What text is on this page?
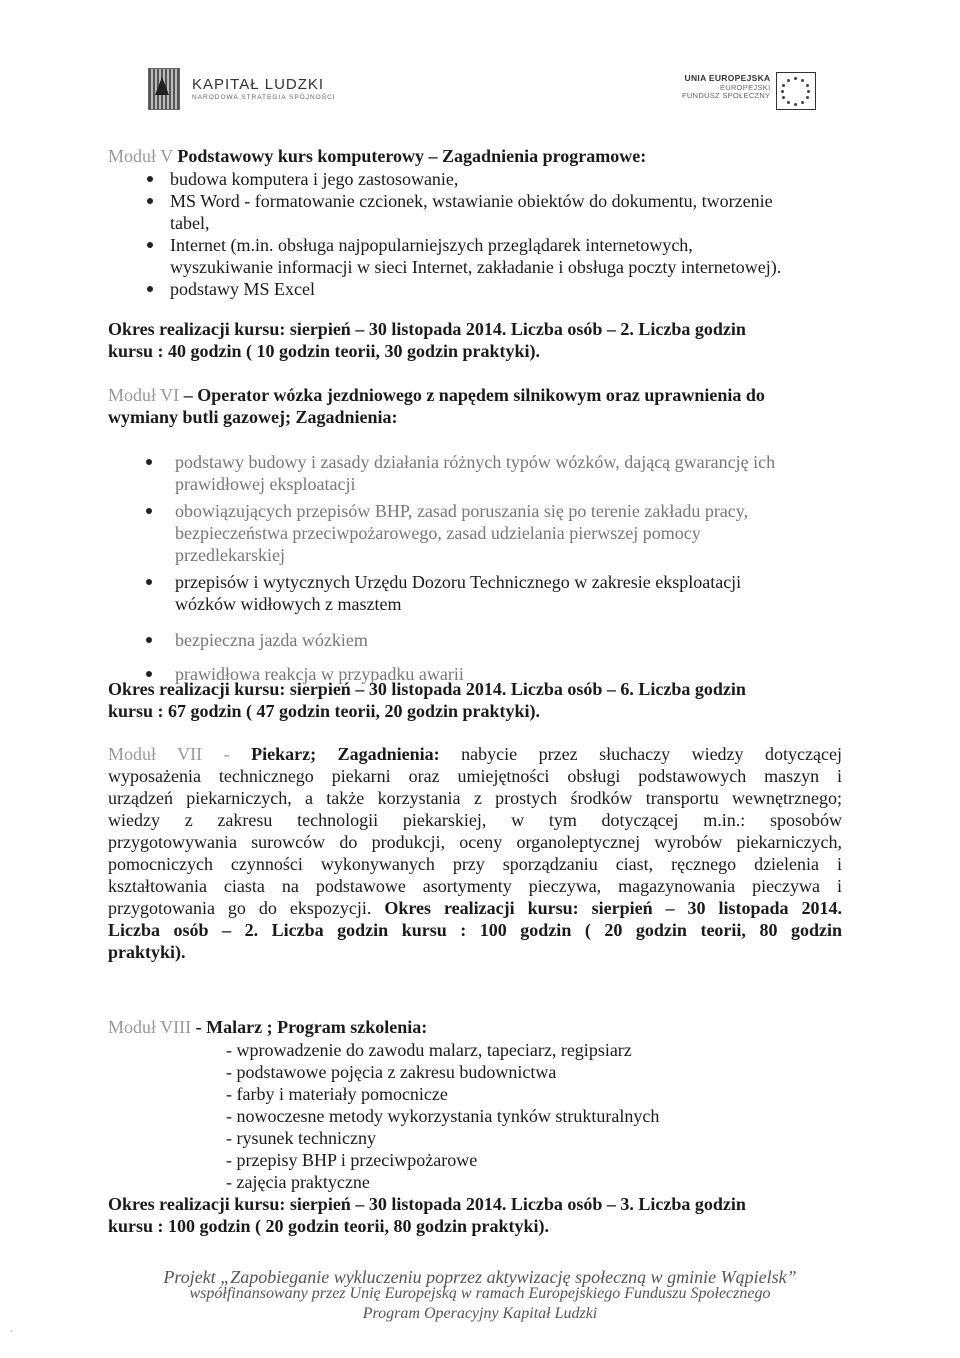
KAPITAŁ LUDZKI
NARODOWA STRATEGIA SPÓJNOŚCI
UNIA EUROPEJSKA
EUROPEJSKI
FUNDUSZ SPOŁECZNY
Moduł V Podstawowy kurs komputerowy – Zagadnienia programowe:
budowa komputera i jego zastosowanie,
MS Word - formatowanie czcionek, wstawianie obiektów do dokumentu, tworzenie
tabel,
Internet (m.in. obsługa najpopularniejszych przeglądarek internetowych,
wyszukiwanie informacji w sieci Internet, zakładanie i obsługa poczty internetowej).
podstawy MS Excel
Okres realizacji kursu: sierpień – 30 listopada 2014. Liczba osób – 2. Liczba godzin
kursu : 40 godzin ( 10 godzin teorii, 30 godzin praktyki).
Moduł VI – Operator wózka jezdniowego z napędem silnikowym oraz uprawnienia do
wymiany butli gazowej; Zagadnienia:
podstawy budowy i zasady działania różnych typów wózków, dającą gwarancję ich
prawidłowej eksploatacji
obowiązujących przepisów BHP, zasad poruszania się po terenie zakładu pracy,
bezpieczeństwa przeciwpożarowego, zasad udzielania pierwszej pomocy
przedlekarskiej
przepisów i wytycznych Urzędu Dozoru Technicznego w zakresie eksploatacji
wózków widłowych z masztem
bezpieczna jazda wózkiem
prawidłowa reakcja w przypadku awarii
Okres realizacji kursu: sierpień – 30 listopada 2014. Liczba osób – 6. Liczba godzin
kursu : 67 godzin ( 47 godzin teorii, 20 godzin praktyki).
Moduł VII - Piekarz; Zagadnienia: nabycie przez słuchaczy wiedzy dotyczącej
wyposażenia technicznego piekarni oraz umiejętności obsługi podstawowych maszyn i
urządzeń piekarniczych, a także korzystania z prostych środków transportu wewnętrznego;
wiedzy z zakresu technologii piekarskiej, w tym dotyczącej m.in.: sposobów
przygotowywania surowców do produkcji, oceny organoleptycznej wyrobów piekarniczych,
pomocniczych czynności wykonywanych przy sporządzaniu ciast, ręcznego dzielenia i
kształtowania ciasta na podstawowe asortymenty pieczywa, magazynowania pieczywa i
przygotowania go do ekspozycji. Okres realizacji kursu: sierpień – 30 listopada 2014.
Liczba osób – 2. Liczba godzin kursu : 100 godzin ( 20 godzin teorii, 80 godzin
praktyki).
Moduł VIII - Malarz ; Program szkolenia:
- wprowadzenie do zawodu malarz, tapeciarz, regipsiarz
- podstawowe pojęcia z zakresu budownictwa
- farby i materiały pomocnicze
- nowoczesne metody wykorzystania tynków strukturalnych
- rysunek techniczny
- przepisy BHP i przeciwpożarowe
- zajęcia praktyczne
Okres realizacji kursu: sierpień – 30 listopada 2014. Liczba osób – 3. Liczba godzin
kursu : 100 godzin ( 20 godzin teorii, 80 godzin praktyki).
Projekt „Zapobieganie wykluczeniu poprzez aktywizację społeczną w gminie Wąpielsk”
współfinansowany przez Unię Europejską w ramach Europejskiego Funduszu Społecznego
Program Operacyjny Kapitał Ludzki
`
